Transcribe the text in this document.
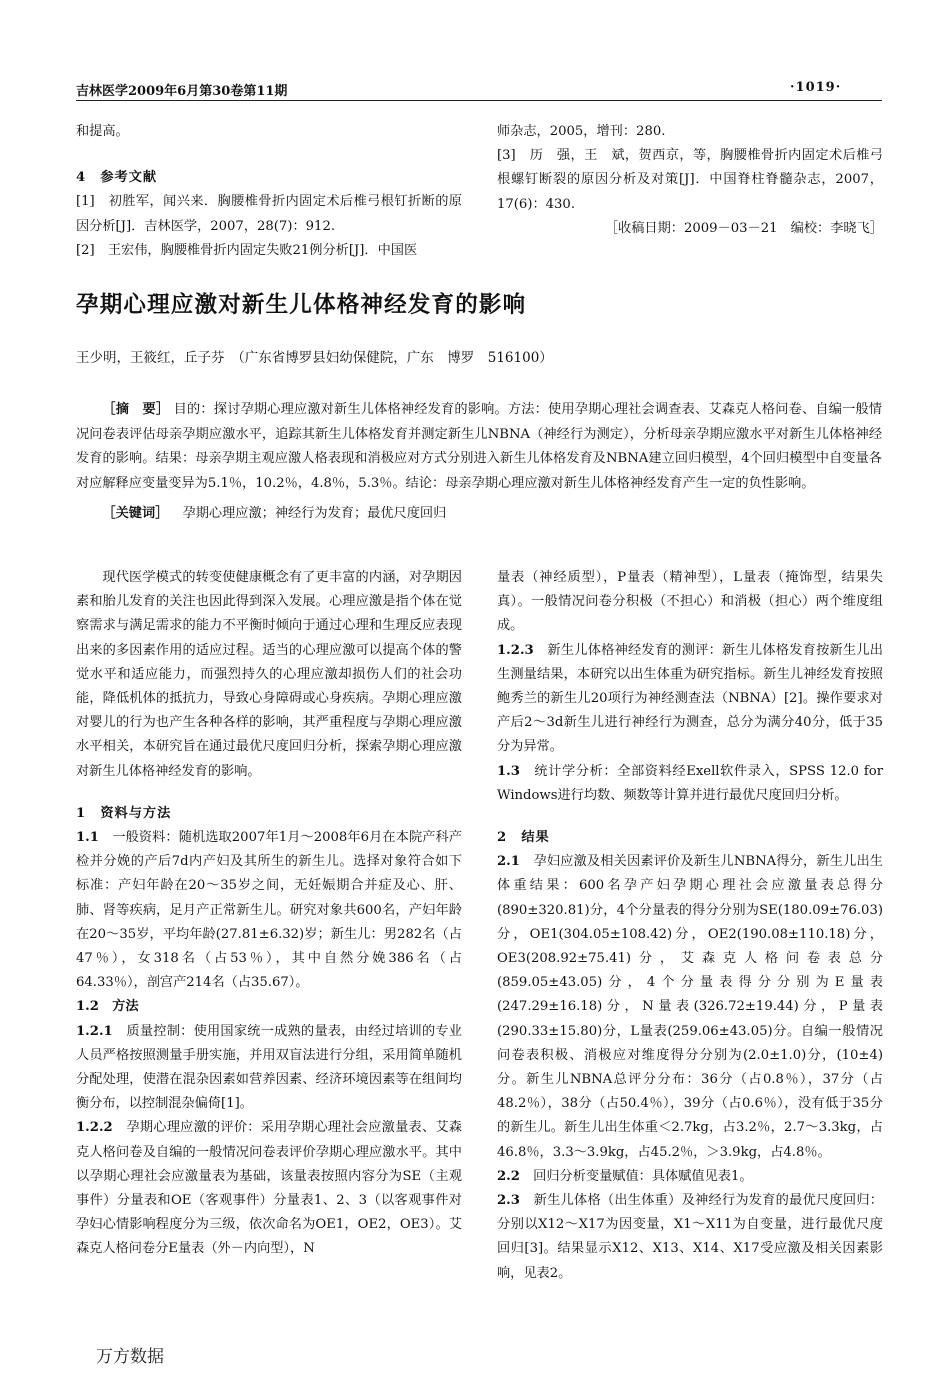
吉林医学2009年6月第30卷第11期	·1019·

和提高。

4　参考文献

[1]　初胜军，闻兴来．胸腰椎骨折内固定术后椎弓根钉折断的原因分析[J]．吉林医学，2007，28(7)：912.

[2]　王宏伟，胸腰椎骨折内固定失败21例分析[J]．中国医

师杂志，2005，增刊：280.

[3]　历　强，王　斌，贺西京，等，胸腰椎骨折内固定术后椎弓根螺钉断裂的原因分析及对策[J]．中国脊柱脊髓杂志，2007，17(6)：430.

［收稿日期：2009－03－21　编校：李晓飞］

孕期心理应激对新生儿体格神经发育的影响
王少明，王筱红，丘子芬　（广东省博罗县妇幼保健院，广东　博罗　516100）

［摘　要］ 目的：探讨孕期心理应激对新生儿体格神经发育的影响。方法：使用孕期心理社会调查表、艾森克人格问卷、自编一般情况问卷表评估母亲孕期应激水平，追踪其新生儿体格发育并测定新生儿NBNA（神经行为测定），分析母亲孕期应激水平对新生儿体格神经发育的影响。结果：母亲孕期主观应激人格表现和消极应对方式分别进入新生儿体格发育及NBNA建立回归模型，4个回归模型中自变量各对应解释应变量变异为5.1％，10.2％，4.8％，5.3％。结论：母亲孕期心理应激对新生儿体格神经发育产生一定的负性影响。

［关键词］ 孕期心理应激；神经行为发育；最优尺度回归

现代医学模式的转变使健康概念有了更丰富的内涵，对孕期因素和胎儿发育的关注也因此得到深入发展。心理应激是指个体在觉察需求与满足需求的能力不平衡时倾向于通过心理和生理反应表现出来的多因素作用的适应过程。适当的心理应激可以提高个体的警觉水平和适应能力，而强烈持久的心理应激却损伤人们的社会功能，降低机体的抵抗力，导致心身障碍或心身疾病。孕期心理应激对婴儿的行为也产生各种各样的影响，其严重程度与孕期心理应激水平相关，本研究旨在通过最优尺度回归分析，探索孕期心理应激对新生儿体格神经发育的影响。

1　资料与方法

1.1　一般资料：随机选取2007年1月～2008年6月在本院产科产检并分娩的产后7d内产妇及其所生的新生儿。选择对象符合如下标准：产妇年龄在20～35岁之间，无妊娠期合并症及心、肝、肺、肾等疾病，足月产正常新生儿。研究对象共600名，产妇年龄在20～35岁，平均年龄(27.81±6.32)岁；新生儿：男282名（占47％），女318名（占53％），其中自然分娩386名（占64.33％），剖宫产214名（占35.67）。

1.2　方法

1.2.1　质量控制：使用国家统一成熟的量表，由经过培训的专业人员严格按照测量手册实施，并用双盲法进行分组，采用简单随机分配处理，使潜在混杂因素如营养因素、经济环境因素等在组间均衡分布，以控制混杂偏倚[1]。

1.2.2　孕期心理应激的评价：采用孕期心理社会应激量表、艾森克人格问卷及自编的一般情况问卷表评价孕期心理应激水平。其中以孕期心理社会应激量表为基础，该量表按照内容分为SE（主观事件）分量表和OE（客观事件）分量表1、2、3（以客观事件对孕妇心情影响程度分为三级，依次命名为OE1，OE2，OE3）。艾森克人格问卷分E量表（外－内向型），N

量表（神经质型），P量表（精神型），L量表（掩饰型，结果失真）。一般情况问卷分积极（不担心）和消极（担心）两个维度组成。

1.2.3　新生儿体格神经发育的测评：新生儿体格发育按新生儿出生测量结果，本研究以出生体重为研究指标。新生儿神经发育按照鲍秀兰的新生儿20项行为神经测查法（NBNA）[2]。操作要求对产后2～3d新生儿进行神经行为测查，总分为满分40分，低于35分为异常。

1.3　统计学分析：全部资料经Exell软件录入，SPSS 12.0 for Windows进行均数、频数等计算并进行最优尺度回归分析。

2　结果

2.1　孕妇应激及相关因素评价及新生儿NBNA得分，新生儿出生体重结果：600名孕产妇孕期心理社会应激量表总得分(890±320.81)分，4个分量表的得分分别为SE(180.09±76.03)分，OE1(304.05±108.42)分，OE2(190.08±110.18)分，OE3(208.92±75.41)分，艾森克人格问卷表总分(859.05±43.05)分，4个分量表得分分别为E量表(247.29±16.18)分，N量表(326.72±19.44)分，P量表(290.33±15.80)分，L量表(259.06±43.05)分。自编一般情况问卷表积极、消极应对维度得分分别为(2.0±1.0)分，(10±4)分。新生儿NBNA总评分分布：36分（占0.8％），37分（占48.2％），38分（占50.4％），39分（占0.6％），没有低于35分的新生儿。新生儿出生体重＜2.7kg，占3.2％，2.7～3.3kg，占46.8％，3.3～3.9kg，占45.2％，＞3.9kg，占4.8％。

2.2　回归分析变量赋值：具体赋值见表1。

2.3　新生儿体格（出生体重）及神经行为发育的最优尺度回归：分别以X12～X17为因变量，X1～X11为自变量，进行最优尺度回归[3]。结果显示X12、X13、X14、X17受应激及相关因素影响，见表2。

万方数据
